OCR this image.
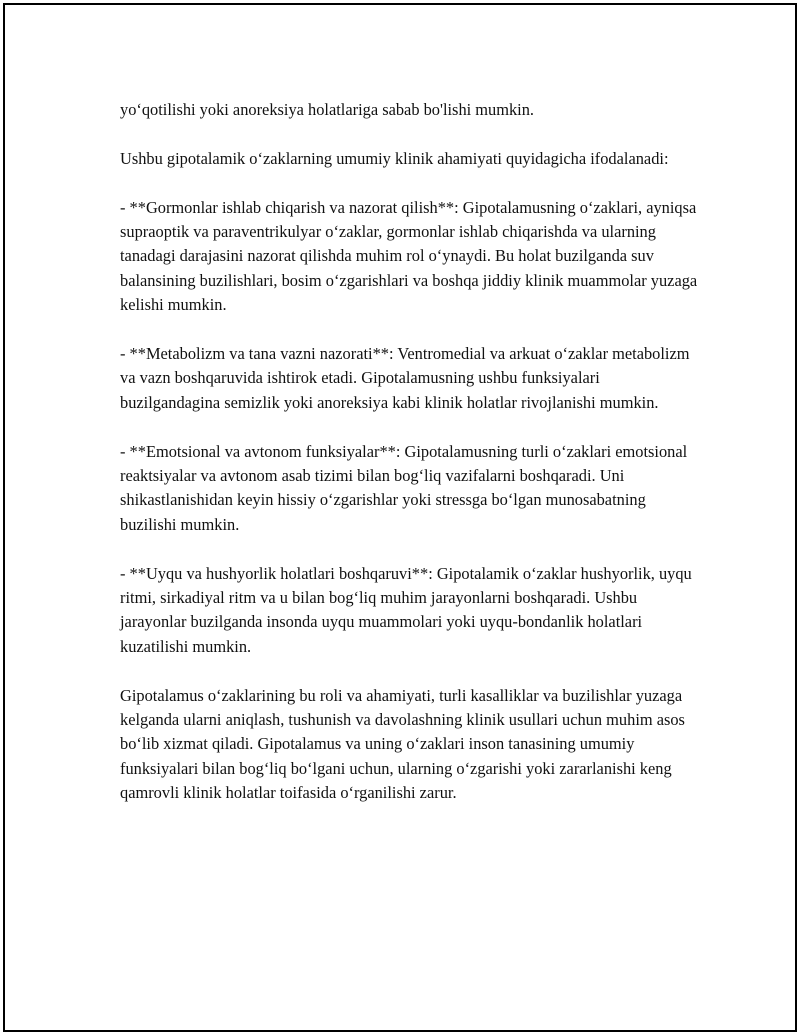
yo‘qotilishi yoki anoreksiya holatlariga sabab bo'lishi mumkin.

Ushbu gipotalamik o‘zaklarning umumiy klinik ahamiyati quyidagicha ifodalanadi:

- **Gormonlar ishlab chiqarish va nazorat qilish**: Gipotalamusning o‘zaklari, ayniqsa supraoptik va paraventrikulyar o‘zaklar, gormonlar ishlab chiqarishda va ularning tanadagi darajasini nazorat qilishda muhim rol o‘ynaydi. Bu holat buzilganda suv balansining buzilishlari, bosim o‘zgarishlari va boshqa jiddiy klinik muammolar yuzaga kelishi mumkin.

- **Metabolizm va tana vazni nazorati**: Ventromedial va arkuat o‘zaklar metabolizm va vazn boshqaruvida ishtirok etadi. Gipotalamusning ushbu funksiyalari buzilgandagina semizlik yoki anoreksiya kabi klinik holatlar rivojlanishi mumkin.

- **Emotsional va avtonom funksiyalar**: Gipotalamusning turli o‘zaklari emotsional reaktsiyalar va avtonom asab tizimi bilan bog‘liq vazifalarni boshqaradi. Uni shikastlanishidan keyin hissiy o‘zgarishlar yoki stressga bo‘lgan munosabatning buzilishi mumkin.

- **Uyqu va hushyorlik holatlari boshqaruvi**: Gipotalamik o‘zaklar hushyorlik, uyqu ritmi, sirkadiyal ritm va u bilan bog‘liq muhim jarayonlarni boshqaradi. Ushbu jarayonlar buzilganda insonda uyqu muammolari yoki uyqu-bondanlik holatlari kuzatilishi mumkin.

Gipotalamus o‘zaklarining bu roli va ahamiyati, turli kasalliklar va buzilishlar yuzaga kelganda ularni aniqlash, tushunish va davolashning klinik usullari uchun muhim asos bo‘lib xizmat qiladi. Gipotalamus va uning o‘zaklari inson tanasining umumiy funksiyalari bilan bog‘liq bo‘lgani uchun, ularning o‘zgarishi yoki zararlanishi keng qamrovli klinik holatlar toifasida o‘rganilishi zarur.
